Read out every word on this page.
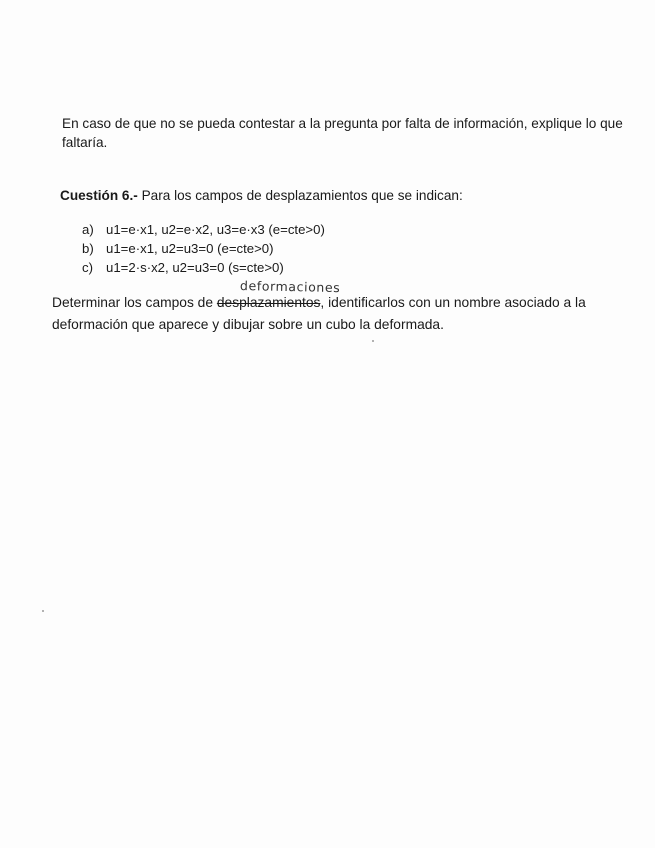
En caso de que no se pueda contestar a la pregunta por falta de información, explique lo que faltaría.

Cuestión 6.- Para los campos de desplazamientos que se indican:

a) u1=e·x1, u2=e·x2, u3=e·x3 (e=cte>0)
b) u1=e·x1, u2=u3=0 (e=cte>0)
c) u1=2·s·x2, u2=u3=0 (s=cte>0)
deformaciones

Determinar los campos de desplazamientos, identificarlos con un nombre asociado a la deformación que aparece y dibujar sobre un cubo la deformada.
